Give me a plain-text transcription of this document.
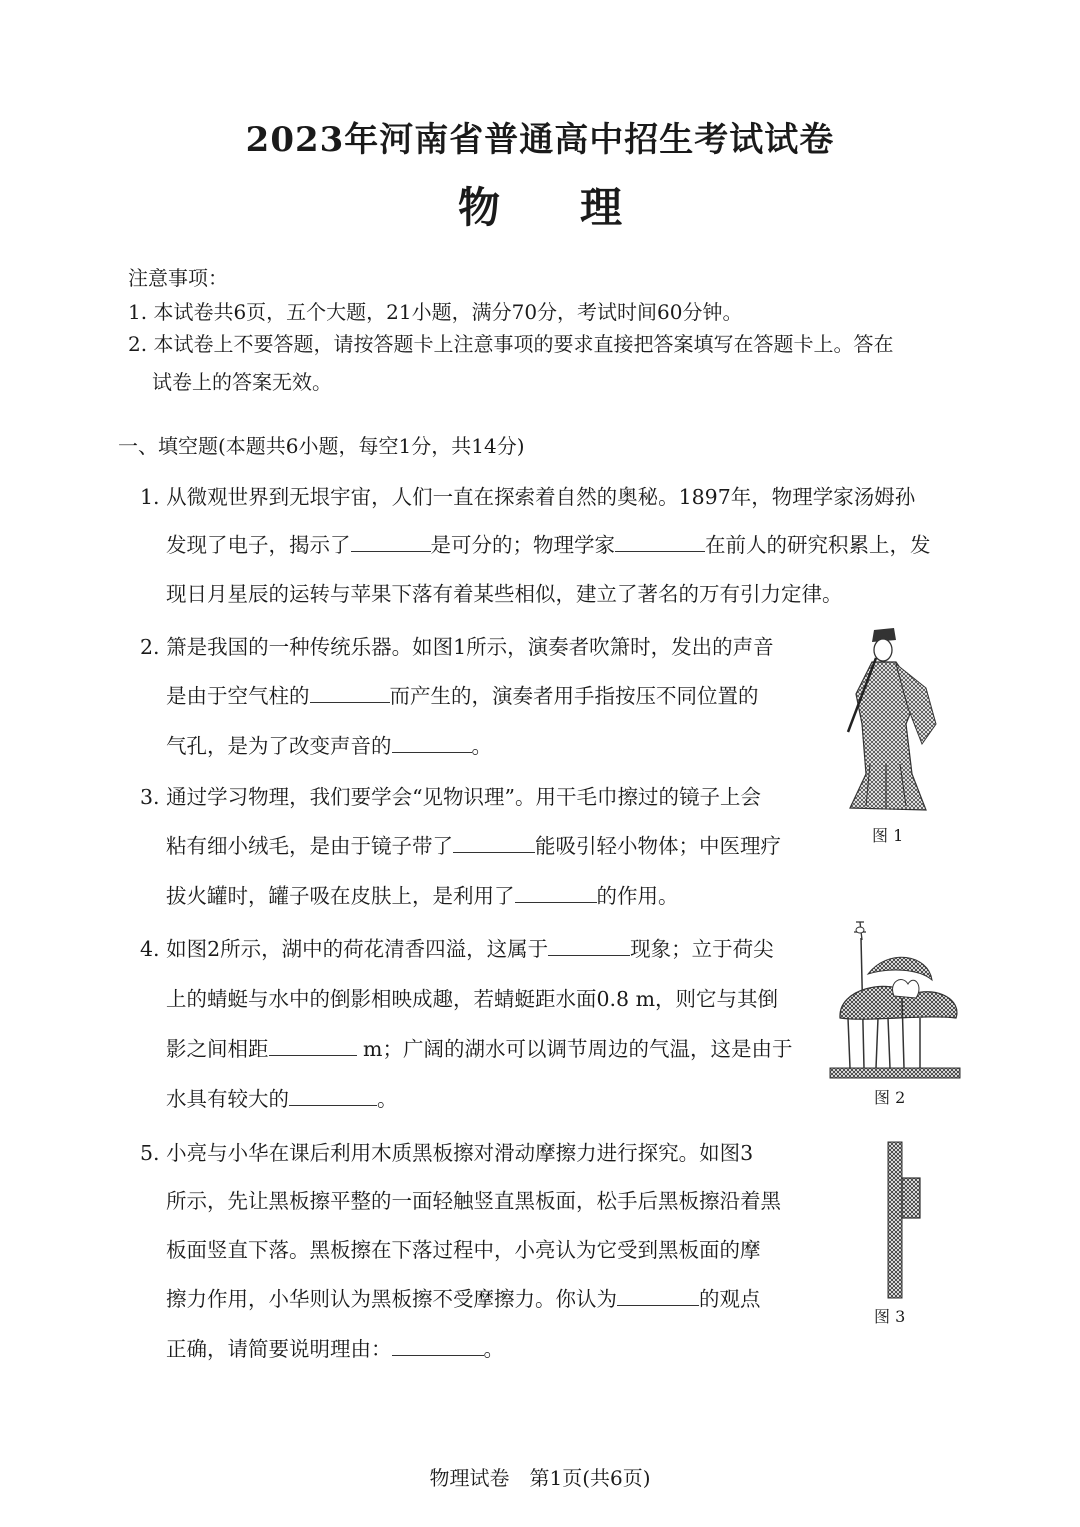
2023年河南省普通高中招生考试试卷
物理
注意事项：
1. 本试卷共6页，五个大题，21小题，满分70分，考试时间60分钟。
2. 本试卷上不要答题，请按答题卡上注意事项的要求直接把答案填写在答题卡上。答在
试卷上的答案无效。
一、填空题(本题共6小题，每空1分，共14分)
1. 从微观世界到无垠宇宙，人们一直在探索着自然的奥秘。1897年，物理学家汤姆孙
发现了电子，揭示了	是可分的；物理学家	在前人的研究积累上，发
现日月星辰的运转与苹果下落有着某些相似，建立了著名的万有引力定律。
2. 箫是我国的一种传统乐器。如图1所示，演奏者吹箫时，发出的声音
是由于空气柱的	而产生的，演奏者用手指按压不同位置的
气孔，是为了改变声音的	。
3. 通过学习物理，我们要学会“见物识理”。用干毛巾擦过的镜子上会
粘有细小绒毛，是由于镜子带了	能吸引轻小物体；中医理疗
拔火罐时，罐子吸在皮肤上，是利用了	的作用。
4. 如图2所示，湖中的荷花清香四溢，这属于	现象；立于荷尖
上的蜻蜓与水中的倒影相映成趣，若蜻蜓距水面0.8 m，则它与其倒
影之间相距	m；广阔的湖水可以调节周边的气温，这是由于
水具有较大的	。
5. 小亮与小华在课后利用木质黑板擦对滑动摩擦力进行探究。如图3
所示，先让黑板擦平整的一面轻触竖直黑板面，松手后黑板擦沿着黑
板面竖直下落。黑板擦在下落过程中，小亮认为它受到黑板面的摩
擦力作用，小华则认为黑板擦不受摩擦力。你认为	的观点
正确，请简要说明理由：	。
图 1
图 2
图 3
物理试卷　第1页(共6页)
